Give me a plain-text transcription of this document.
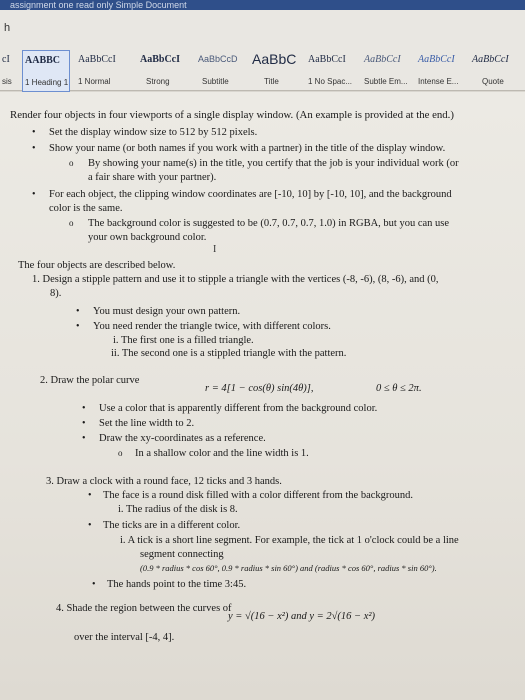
assignment one read only Simple Document
h
cI
sis
AABBC
1 Heading 1
AaBbCcI
1 Normal
AaBbCcI
Strong
AaBbCcD
Subtitle
AaBbC
Title
AaBbCcI
1 No Spac...
AaBbCcI
Subtle Em...
AaBbCcI
Intense E...
AaBbCcI
Quote
Render four objects in four viewports of a single display window. (An example is provided at the end.)
• Set the display window size to 512 by 512 pixels.
• Show your name (or both names if you work with a partner) in the title of the display window.
o By showing your name(s) in the title, you certify that the job is your individual work (or
a fair share with your partner).
• For each object, the clipping window coordinates are [-10, 10] by [-10, 10], and the background
color is the same.
o The background color is suggested to be (0.7, 0.7, 0.7, 1.0) in RGBA, but you can use
your own background color.
The four objects are described below.
1. Design a stipple pattern and use it to stipple a triangle with the vertices (-8, -6), (8, -6), and (0,
8).
• You must design your own pattern.
• You need render the triangle twice, with different colors.
i. The first one is a filled triangle.
ii. The second one is a stippled triangle with the pattern.
2. Draw the polar curve
r = 4[1 − cos(θ) sin(4θ)],	0 ≤ θ ≤ 2π.
• Use a color that is apparently different from the background color.
• Set the line width to 2.
• Draw the xy-coordinates as a reference.
o In a shallow color and the line width is 1.
3. Draw a clock with a round face, 12 ticks and 3 hands.
• The face is a round disk filled with a color different from the background.
i. The radius of the disk is 8.
• The ticks are in a different color.
i. A tick is a short line segment. For example, the tick at 1 o'clock could be a line
segment connecting
(0.9 * radius * cos 60°, 0.9 * radius * sin 60°) and (radius * cos 60°, radius * sin 60°).
• The hands point to the time 3:45.
4. Shade the region between the curves of
y = √(16 − x²) and y = 2√(16 − x²)
over the interval [-4, 4].
I
